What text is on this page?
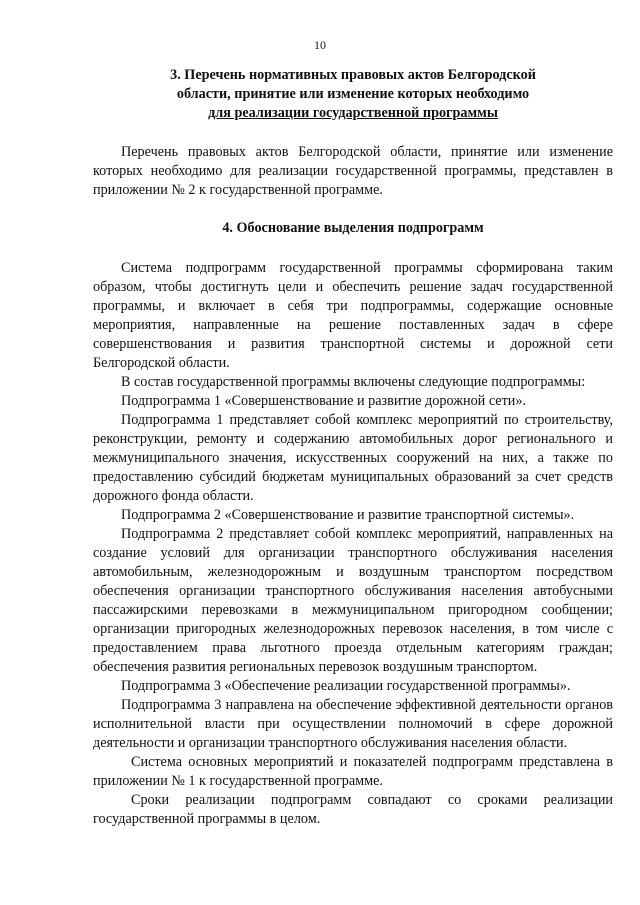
10
3. Перечень нормативных правовых актов Белгородской
области, принятие или изменение которых необходимо
для реализации государственной программы

Перечень правовых актов Белгородской области, принятие или изменение которых необходимо для реализации государственной программы, представлен в приложении № 2 к государственной программе.

4. Обоснование выделения подпрограмм

Система подпрограмм государственной программы сформирована таким образом, чтобы достигнуть цели и обеспечить решение задач государственной программы, и включает в себя три подпрограммы, содержащие основные мероприятия, направленные на решение поставленных задач в сфере совершенствования и развития транспортной системы и дорожной сети Белгородской области.

В состав государственной программы включены следующие подпрограммы:

Подпрограмма 1 «Совершенствование и развитие дорожной сети».

Подпрограмма 1 представляет собой комплекс мероприятий по строительству, реконструкции, ремонту и содержанию автомобильных дорог регионального и межмуниципального значения, искусственных сооружений на них, а также по предоставлению субсидий бюджетам муниципальных образований за счет средств дорожного фонда области.

Подпрограмма 2 «Совершенствование и развитие транспортной системы».

Подпрограмма 2 представляет собой комплекс мероприятий, направленных на создание условий для организации транспортного обслуживания населения автомобильным, железнодорожным и воздушным транспортом посредством обеспечения организации транспортного обслуживания населения автобусными пассажирскими перевозками в межмуниципальном пригородном сообщении; организации пригородных железнодорожных перевозок населения, в том числе с предоставлением права льготного проезда отдельным категориям граждан; обеспечения развития региональных перевозок воздушным транспортом.

Подпрограмма 3 «Обеспечение реализации государственной программы».

Подпрограмма 3 направлена на обеспечение эффективной деятельности органов исполнительной власти при осуществлении полномочий в сфере дорожной деятельности и организации транспортного обслуживания населения области.

Система основных мероприятий и показателей подпрограмм представлена в приложении № 1 к государственной программе.

Сроки реализации подпрограмм совпадают со сроками реализации государственной программы в целом.
